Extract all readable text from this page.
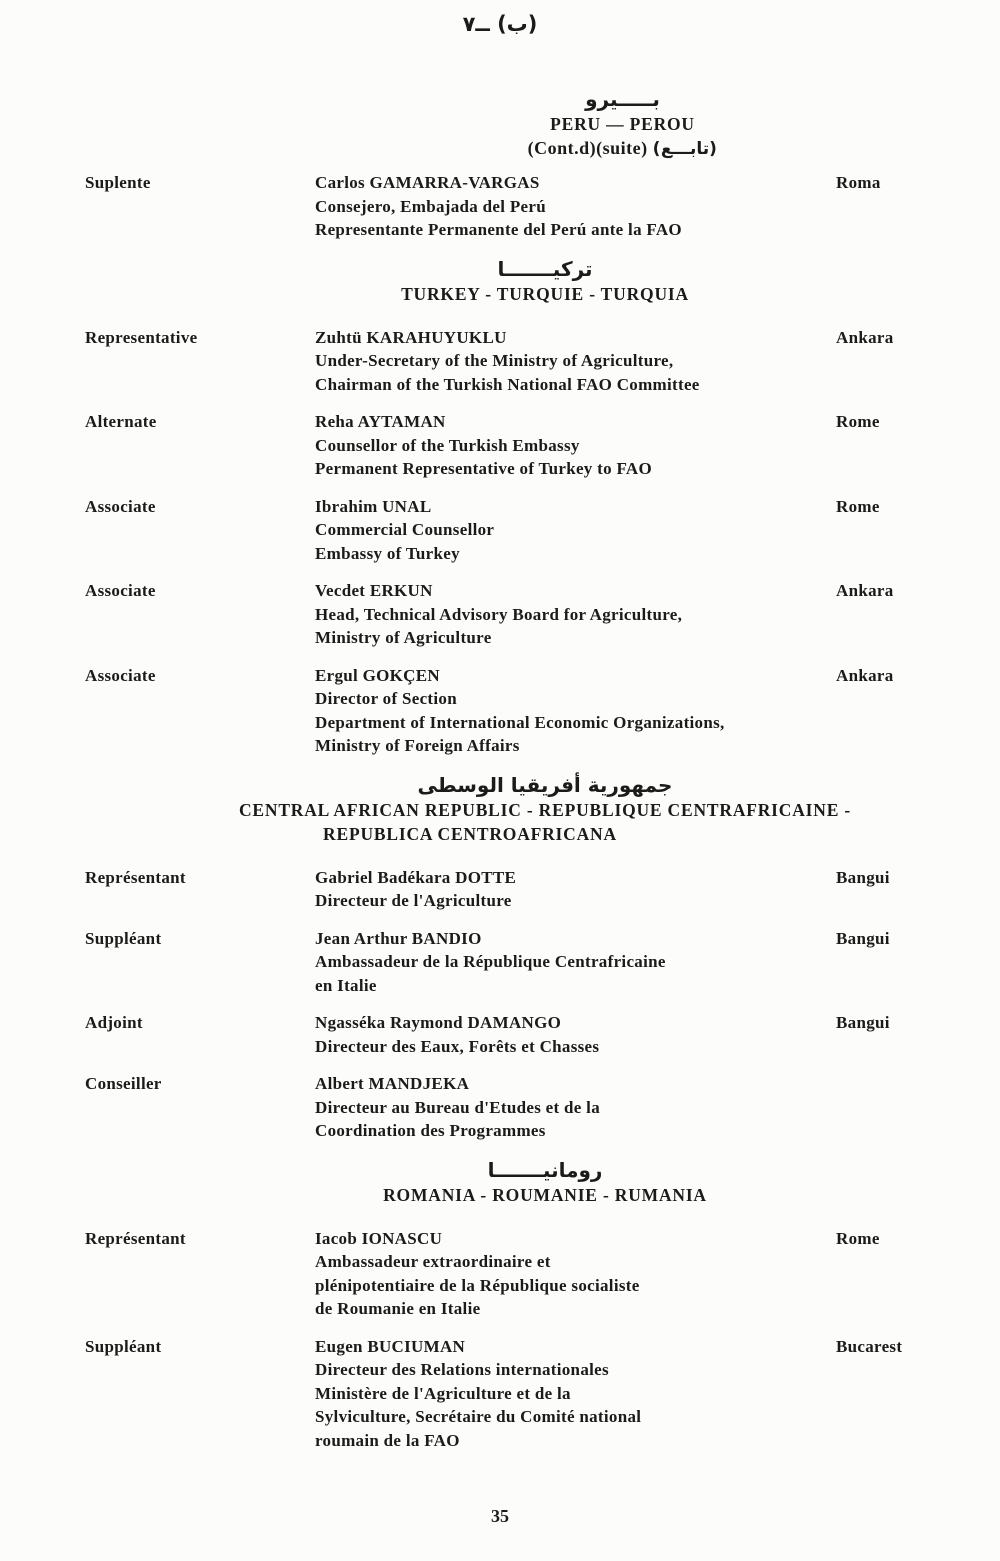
٧ــ (ب)
بـــــيرو
PERU — PEROU
(Cont.d)(suite) (تابـــع)
Suplente	Carlos GAMARRA-VARGAS
Consejero, Embajada del Perú
Representante Permanente del Perú ante la FAO
Roma
تركيـــــــا
TURKEY - TURQUIE - TURQUIA
Representative	Zuhtü KARAHUYUKLU
Under-Secretary of the Ministry of Agriculture,
Chairman of the Turkish National FAO Committee
Ankara
Alternate	Reha AYTAMAN
Counsellor of the Turkish Embassy
Permanent Representative of Turkey to FAO
Rome
Associate	Ibrahim UNAL
Commercial Counsellor
Embassy of Turkey
Rome
Associate	Vecdet ERKUN
Head, Technical Advisory Board for Agriculture,
Ministry of Agriculture
Ankara
Associate	Ergul GOKÇEN
Director of Section
Department of International Economic Organizations,
Ministry of Foreign Affairs
Ankara
جمهورية أفريقيا الوسطى
CENTRAL AFRICAN REPUBLIC - REPUBLIQUE CENTRAFRICAINE -
REPUBLICA CENTROAFRICANA
Représentant	Gabriel Badékara DOTTE
Directeur de l'Agriculture
Bangui
Suppléant	Jean Arthur BANDIO
Ambassadeur de la République Centrafricaine
en Italie
Bangui
Adjoint	Ngasséka Raymond DAMANGO
Directeur des Eaux, Forêts et Chasses
Bangui
Conseiller	Albert MANDJEKA
Directeur au Bureau d'Etudes et de la
Coordination des Programmes
رومانيـــــــا
ROMANIA - ROUMANIE - RUMANIA
Représentant	Iacob IONASCU
Ambassadeur extraordinaire et
plénipotentiaire de la République socialiste
de Roumanie en Italie
Rome
Suppléant	Eugen BUCIUMAN
Directeur des Relations internationales
Ministère de l'Agriculture et de la
Sylviculture, Secrétaire du Comité national
roumain de la FAO
Bucarest
35
